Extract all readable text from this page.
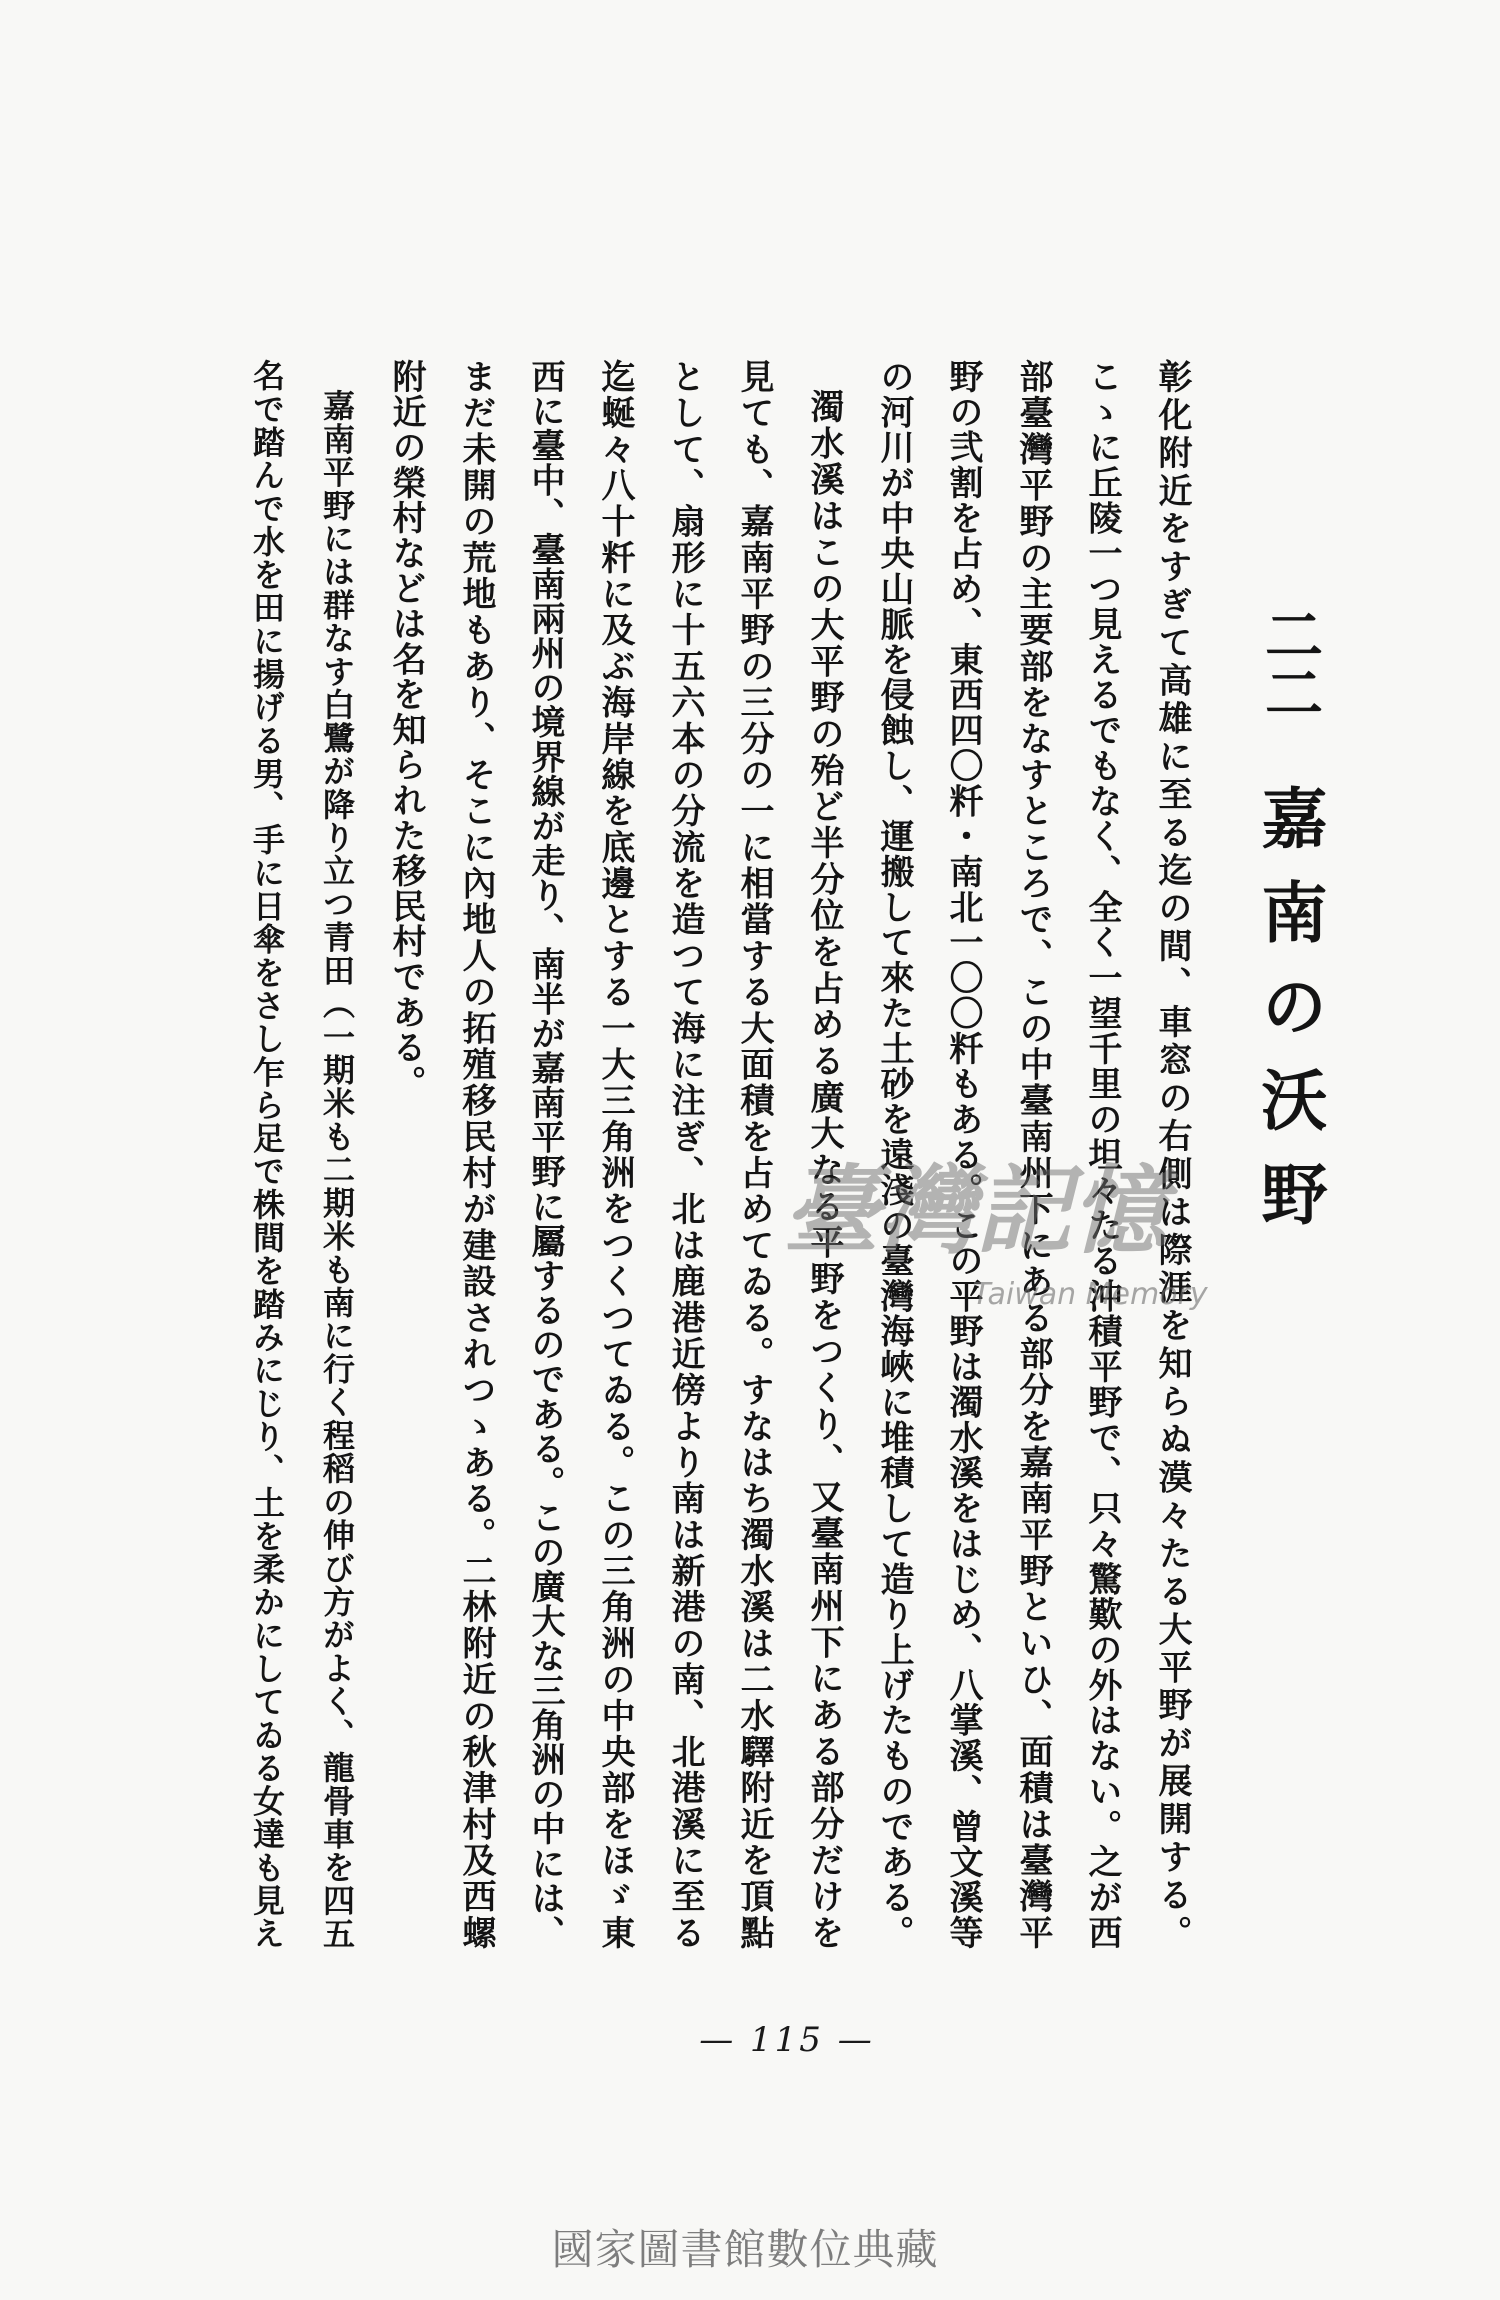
二二
嘉南の沃野
彰化附近をすぎて高雄に至る迄の間、車窓の右側は際涯を知らぬ漠々たる大平野が展開する。
こゝに丘陵一つ見えるでもなく、全く一望千里の坦々たる沖積平野で、只々驚歎の外はない。之が西
部臺灣平野の主要部をなすところで、この中臺南州下にある部分を嘉南平野といひ、面積は臺灣平
野の弐割を占め、東西四〇粁・南北一〇〇粁もある。この平野は濁水溪をはじめ、八掌溪、曾文溪等
の河川が中央山脈を侵蝕し、運搬して來た土砂を遠淺の臺灣海峽に堆積して造り上げたものである。
濁水溪はこの大平野の殆ど半分位を占める廣大なる平野をつくり、又臺南州下にある部分だけを
見ても、嘉南平野の三分の一に相當する大面積を占めてゐる。すなはち濁水溪は二水驛附近を頂點
として、扇形に十五六本の分流を造つて海に注ぎ、北は鹿港近傍より南は新港の南、北港溪に至る
迄蜒々八十粁に及ぶ海岸線を底邊とする一大三角洲をつくつてゐる。この三角洲の中央部をほゞ東
西に臺中、臺南兩州の境界線が走り、南半が嘉南平野に屬するのである。この廣大な三角洲の中には、
まだ未開の荒地もあり、そこに內地人の拓殖移民村が建設されつゝある。二林附近の秋津村及西螺
附近の榮村などは名を知られた移民村である。
嘉南平野には群なす白鷺が降り立つ青田（一期米も二期米も南に行く程稻の伸び方がよく、龍骨車を四五
名で踏んで水を田に揚げる男、手に日傘をさし乍ら足で株間を踏みにじり、土を柔かにしてゐる女達も見え	臺灣記憶
Taiwan Memory
— 115 —
國家圖書館數位典藏
